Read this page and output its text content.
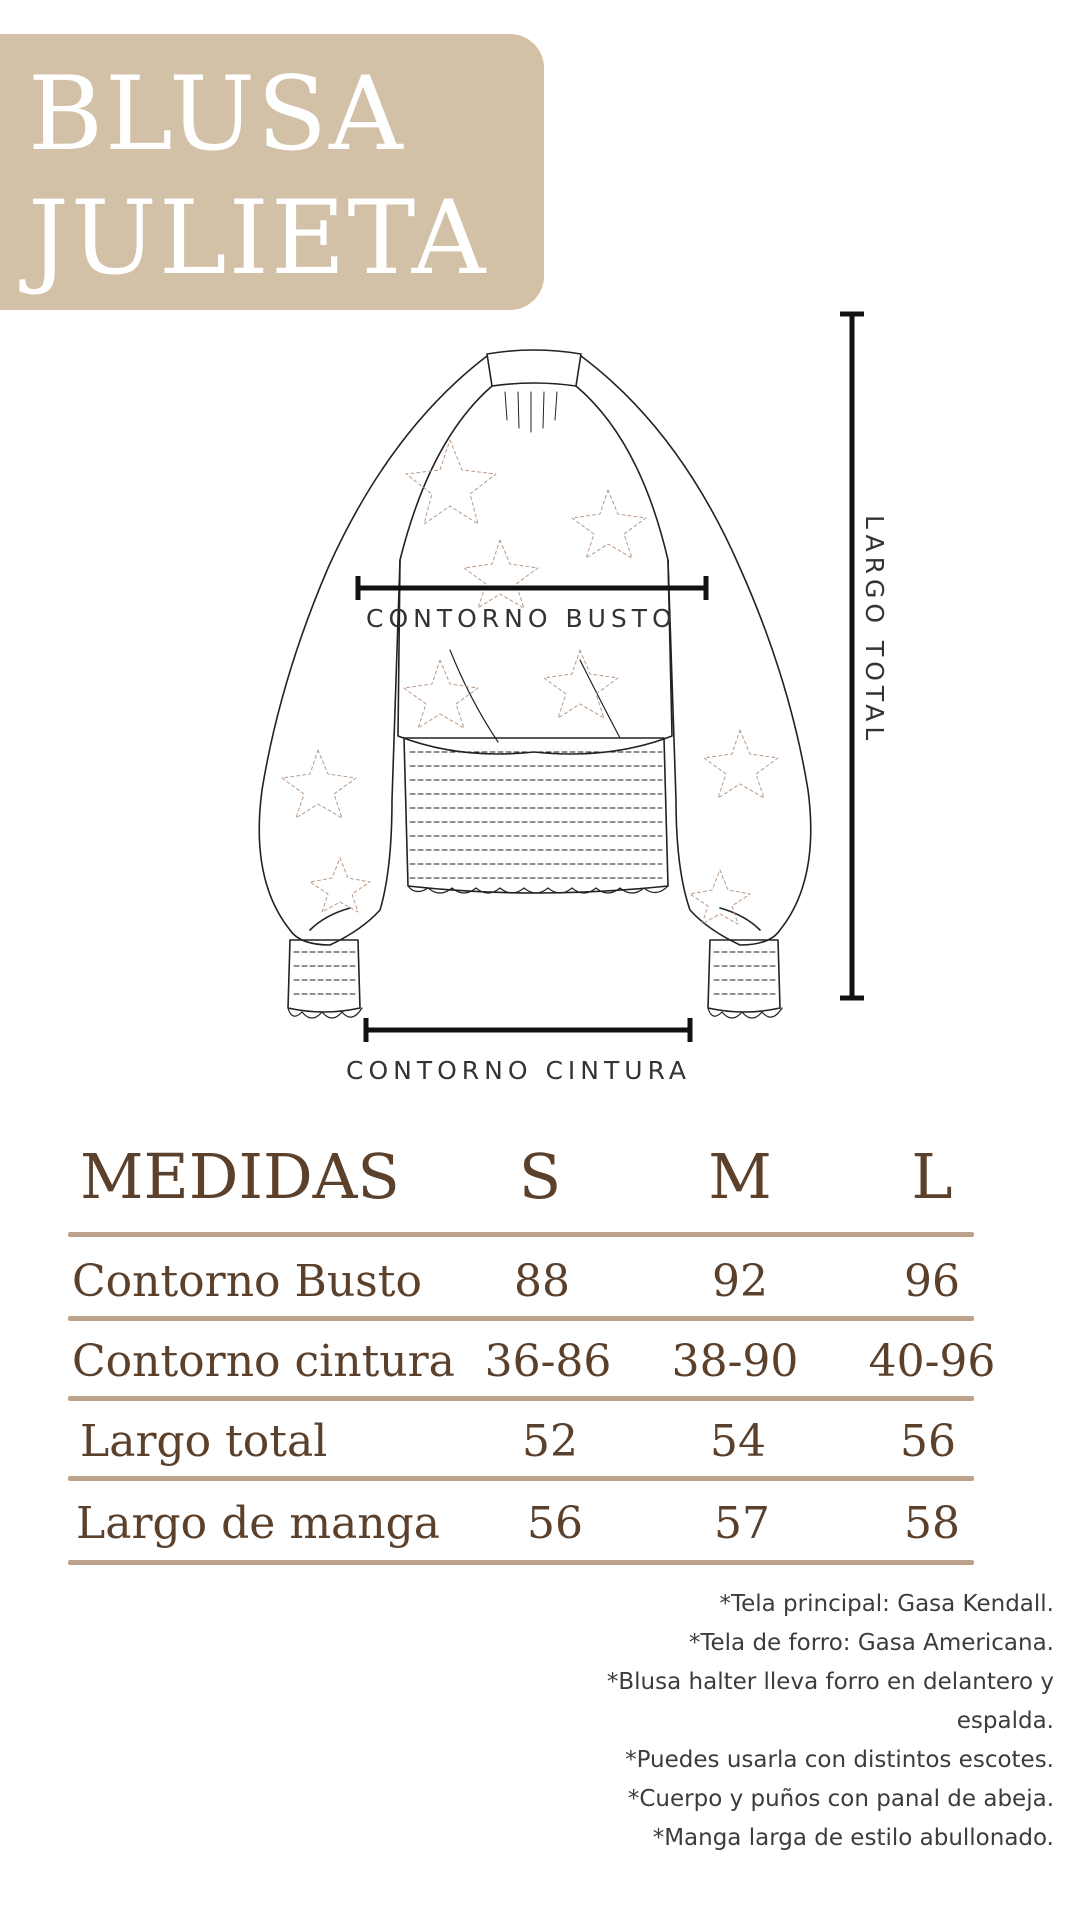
BLUSA
JULIETA
CONTORNO BUSTO
CONTORNO CINTURA
LARGO TOTAL
MEDIDAS S M L
Contorno Busto 88	92	96
Contorno cintura 36-86 38-90 40-96
Largo total	52	54	56
Largo de manga 56	57	58
*Tela principal: Gasa Kendall.
*Tela de forro: Gasa Americana.
*Blusa halter lleva forro en delantero y
espalda.
*Puedes usarla con distintos escotes.
*Cuerpo y puños con panal de abeja.
*Manga larga de estilo abullonado.
